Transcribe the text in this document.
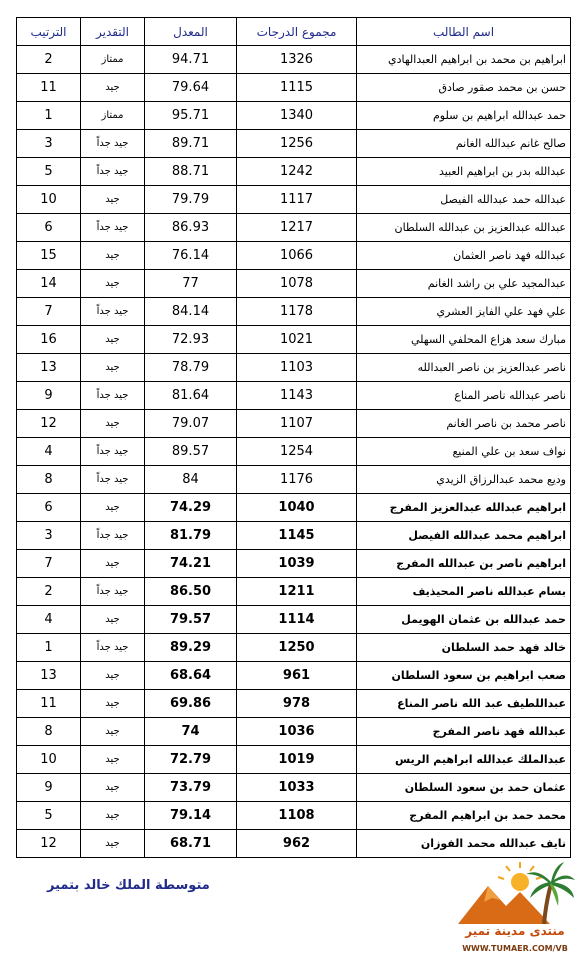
اسم الطالب	مجموع الدرجات	المعدل	التقدير	الترتيب
ابراهيم بن محمد بن ابراهيم العبدالهادي	1326	94.71	ممتاز	2
حسن بن محمد صقور صادق	1115	79.64	جيد	11
حمد عبدالله ابراهيم بن سلوم	1340	95.71	ممتاز	1
صالح غانم عبدالله الغانم	1256	89.71	جيد جداً	3
عبدالله بدر بن ابراهيم العبيد	1242	88.71	جيد جداً	5
عبدالله حمد عبدالله الفيصل	1117	79.79	جيد	10
عبدالله عبدالعزيز بن عبدالله السلطان	1217	86.93	جيد جداً	6
عبدالله فهد ناصر العثمان	1066	76.14	جيد	15
عبدالمجيد علي بن راشد الغانم	1078	77	جيد	14
علي فهد علي الفايز العشري	1178	84.14	جيد جداً	7
مبارك سعد هزاع المحلفي السهلي	1021	72.93	جيد	16
ناصر عبدالعزيز بن ناصر العبدالله	1103	78.79	جيد	13
ناصر عبدالله ناصر المناع	1143	81.64	جيد جداً	9
ناصر محمد بن ناصر الغانم	1107	79.07	جيد	12
نواف سعد بن علي المنيع	1254	89.57	جيد جداً	4
وديع محمد عبدالرزاق الزيدي	1176	84	جيد جداً	8
ابراهيم عبدالله عبدالعزيز المفرج	1040	74.29	جيد	6
ابراهيم محمد عبدالله الفيصل	1145	81.79	جيد جداً	3
ابراهيم ناصر بن عبدالله المفرج	1039	74.21	جيد	7
بسام عبدالله ناصر المحيذيف	1211	86.50	جيد جداً	2
حمد عبدالله بن عثمان الهويمل	1114	79.57	جيد	4
خالد فهد حمد السلطان	1250	89.29	جيد جداً	1
صعب ابراهيم بن سعود السلطان	961	68.64	جيد	13
عبداللطيف عبد الله ناصر المناع	978	69.86	جيد	11
عبدالله فهد ناصر المفرج	1036	74	جيد	8
عبدالملك عبدالله ابراهيم الريس	1019	72.79	جيد	10
عثمان حمد بن سعود السلطان	1033	73.79	جيد	9
محمد حمد بن ابراهيم المفرج	1108	79.14	جيد	5
نايف عبدالله محمد الفوزان	962	68.71	جيد	12
متوسطة الملك خالد بتمير
منتدى مدينة تمير
WWW.TUMAER.COM/VB
